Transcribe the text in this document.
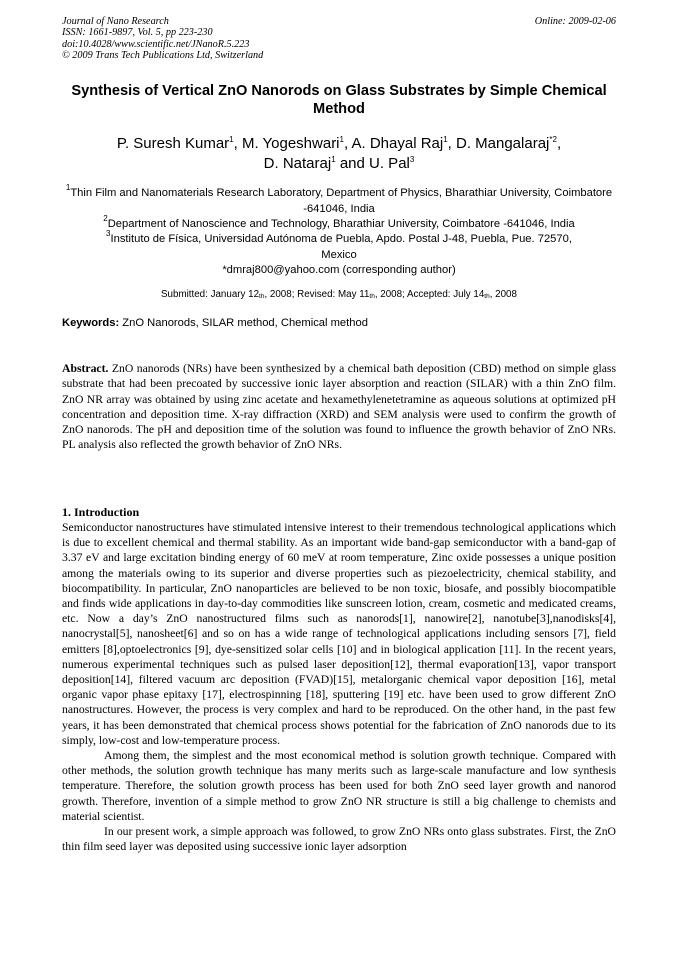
Journal of Nano Research
ISSN: 1661-9897, Vol. 5, pp 223-230
doi:10.4028/www.scientific.net/JNanoR.5.223
© 2009 Trans Tech Publications Ltd, Switzerland
Online: 2009-02-06
Synthesis of Vertical ZnO Nanorods on Glass Substrates by Simple Chemical Method
P. Suresh Kumar$^1$, M. Yogeshwari$^1$, A. Dhayal Raj$^1$, D. Mangalaraj$^{*2}$,
D. Nataraj$^1$ and U. Pal$^3$
$^1$Thin Film and Nanomaterials Research Laboratory, Department of Physics, Bharathiar University, Coimbatore -641046, India
$^2$Department of Nanoscience and Technology, Bharathiar University, Coimbatore -641046, India
$^3$Instituto de Física, Universidad Autónoma de Puebla, Apdo. Postal J-48, Puebla, Pue. 72570, Mexico
*dmraj800@yahoo.com (corresponding author)
Submitted: January $12_{th}$, 2008; Revised: May $11_{th}$, 2008; Accepted: July $14_{th}$, 2008
Keywords: ZnO Nanorods, SILAR method, Chemical method
Abstract. ZnO nanorods (NRs) have been synthesized by a chemical bath deposition (CBD) method on simple glass substrate that had been precoated by successive ionic layer absorption and reaction (SILAR) with a thin ZnO film. ZnO NR array was obtained by using zinc acetate and hexamethylenetetramine as aqueous solutions at optimized pH concentration and deposition time. X-ray diffraction (XRD) and SEM analysis were used to confirm the growth of ZnO nanorods. The pH and deposition time of the solution was found to influence the growth behavior of ZnO NRs. PL analysis also reflected the growth behavior of ZnO NRs.
1. Introduction

Semiconductor nanostructures have stimulated intensive interest to their tremendous technological applications which is due to excellent chemical and thermal stability. As an important wide band-gap semiconductor with a band-gap of 3.37 eV and large excitation binding energy of 60 meV at room temperature, Zinc oxide possesses a unique position among the materials owing to its superior and diverse properties such as piezoelectricity, chemical stability, and biocompatibility. In particular, ZnO nanoparticles are believed to be non toxic, biosafe, and possibly biocompatible and finds wide applications in day-to-day commodities like sunscreen lotion, cream, cosmetic and medicated creams, etc. Now a day’s ZnO nanostructured films such as nanorods[1], nanowire[2], nanotube[3],nanodisks[4], nanocrystal[5], nanosheet[6] and so on has a wide range of technological applications including sensors [7], field emitters [8],optoelectronics [9], dye-sensitized solar cells [10] and in biological application [11]. In the recent years, numerous experimental techniques such as pulsed laser deposition[12], thermal evaporation[13], vapor transport deposition[14], filtered vacuum arc deposition (FVAD)[15], metalorganic chemical vapor deposition [16], metal organic vapor phase epitaxy [17], electrospinning [18], sputtering [19] etc. have been used to grow different ZnO nanostructures. However, the process is very complex and hard to be reproduced. On the other hand, in the past few years, it has been demonstrated that chemical process shows potential for the fabrication of ZnO nanorods due to its simply, low-cost and low-temperature process.

Among them, the simplest and the most economical method is solution growth technique. Compared with other methods, the solution growth technique has many merits such as large-scale manufacture and low synthesis temperature. Therefore, the solution growth process has been used for both ZnO seed layer growth and nanorod growth. Therefore, invention of a simple method to grow ZnO NR structure is still a big challenge to chemists and material scientist.

In our present work, a simple approach was followed, to grow ZnO NRs onto glass substrates. First, the ZnO thin film seed layer was deposited using successive ionic layer adsorption
